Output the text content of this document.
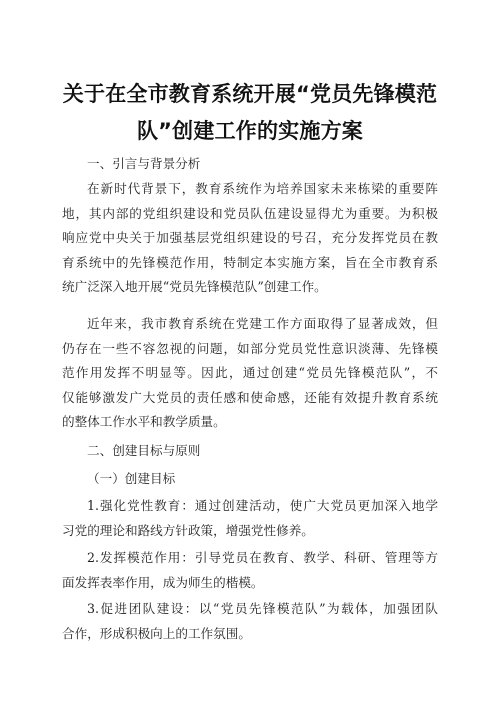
关于在全市教育系统开展“党员先锋模范
队”创建工作的实施方案
一、引言与背景分析
在新时代背景下，教育系统作为培养国家未来栋梁的重要阵
地，其内部的党组织建设和党员队伍建设显得尤为重要。为积极
响应党中央关于加强基层党组织建设的号召，充分发挥党员在教
育系统中的先锋模范作用，特制定本实施方案，旨在全市教育系
统广泛深入地开展“党员先锋模范队”创建工作。
近年来，我市教育系统在党建工作方面取得了显著成效，但
仍存在一些不容忽视的问题，如部分党员党性意识淡薄、先锋模
范作用发挥不明显等。因此，通过创建“党员先锋模范队”，不
仅能够激发广大党员的责任感和使命感，还能有效提升教育系统
的整体工作水平和教学质量。
二、创建目标与原则
（一）创建目标
1.强化党性教育：通过创建活动，使广大党员更加深入地学
习党的理论和路线方针政策，增强党性修养。
2.发挥模范作用：引导党员在教育、教学、科研、管理等方
面发挥表率作用，成为师生的楷模。
3.促进团队建设：以“党员先锋模范队”为载体，加强团队
合作，形成积极向上的工作氛围。
